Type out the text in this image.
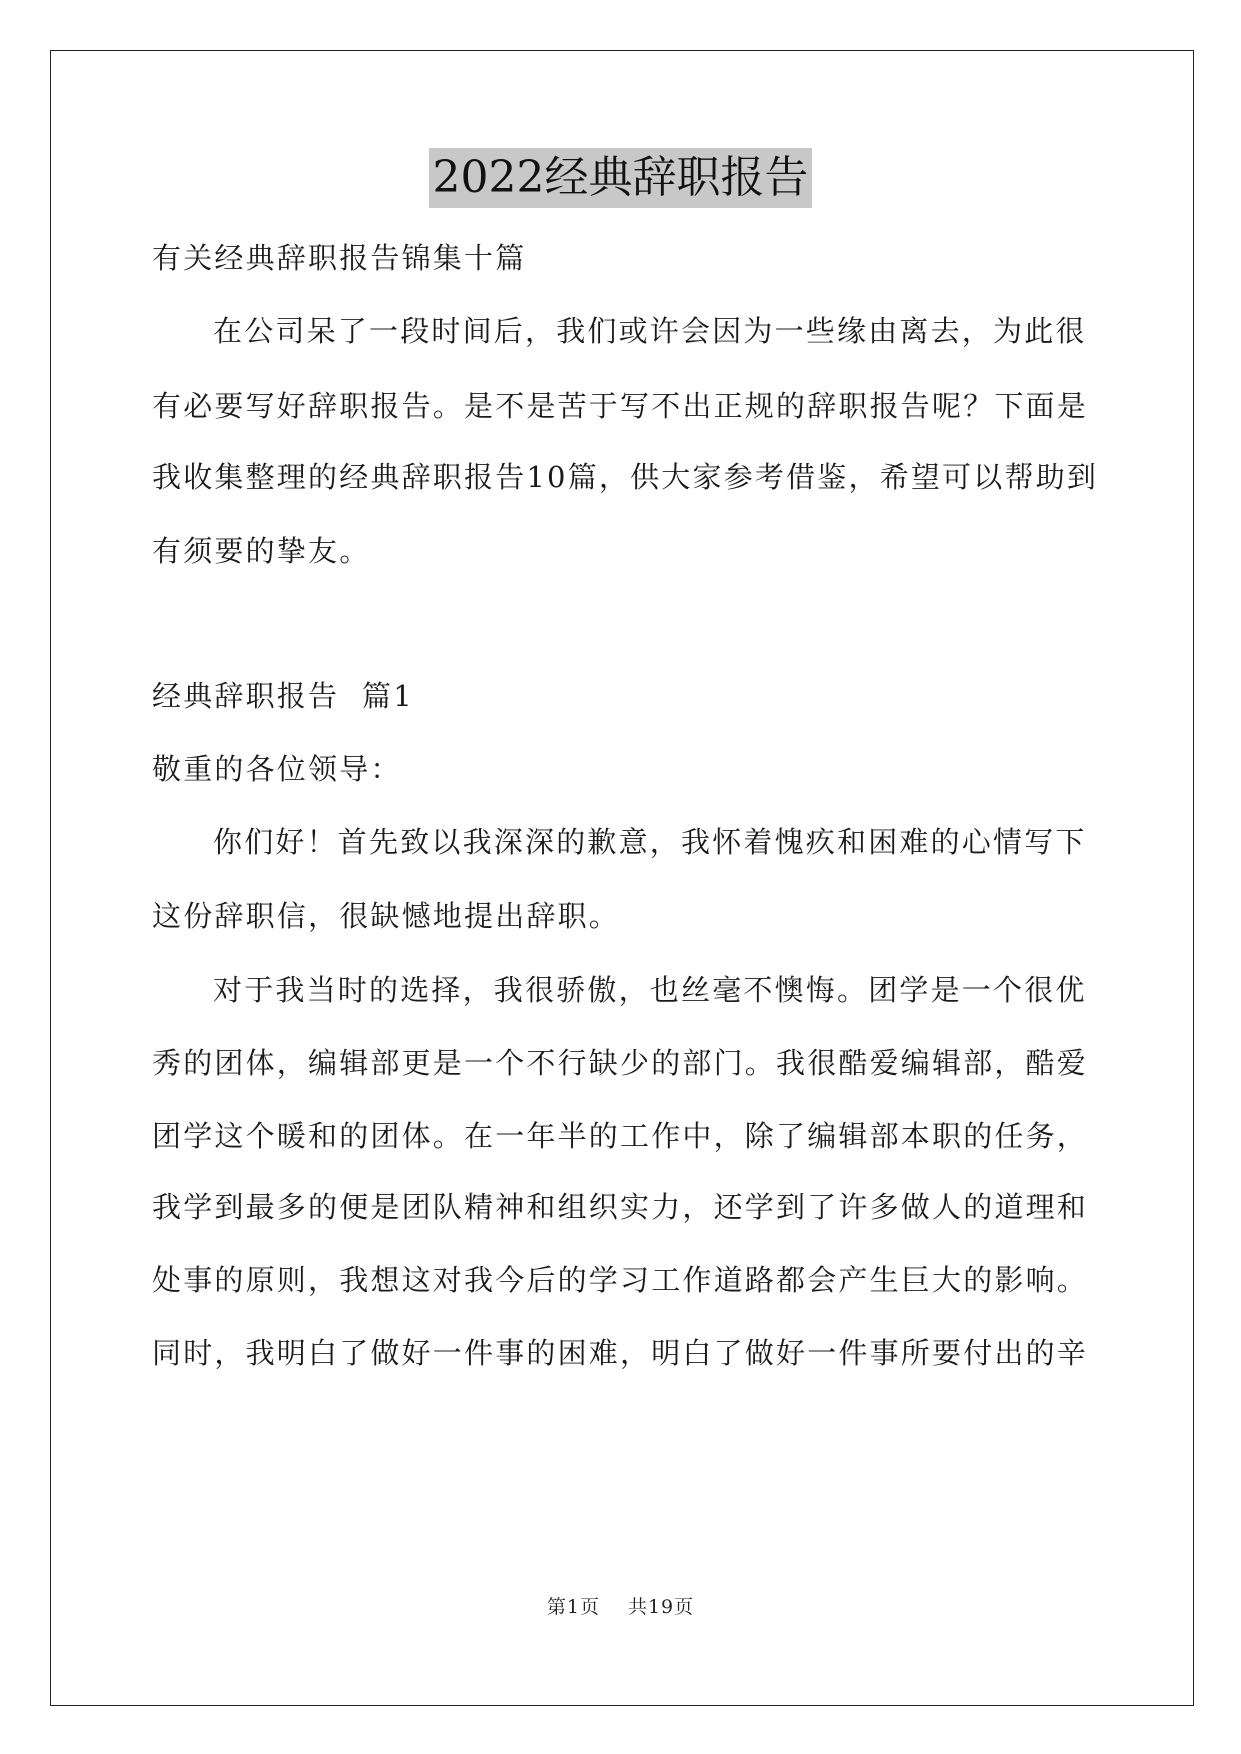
2022经典辞职报告
有关经典辞职报告锦集十篇
在公司呆了一段时间后，我们或许会因为一些缘由离去，为此很
有必要写好辞职报告。是不是苦于写不出正规的辞职报告呢？下面是
我收集整理的经典辞职报告10篇，供大家参考借鉴，希望可以帮助到
有须要的挚友。
经典辞职报告  篇1
敬重的各位领导：
你们好！首先致以我深深的歉意，我怀着愧疚和困难的心情写下
这份辞职信，很缺憾地提出辞职。
对于我当时的选择，我很骄傲，也丝毫不懊悔。团学是一个很优
秀的团体，编辑部更是一个不行缺少的部门。我很酷爱编辑部，酷爱
团学这个暖和的团体。在一年半的工作中，除了编辑部本职的任务，
我学到最多的便是团队精神和组织实力，还学到了许多做人的道理和
处事的原则，我想这对我今后的学习工作道路都会产生巨大的影响。
同时，我明白了做好一件事的困难，明白了做好一件事所要付出的辛
第1页 共19页
